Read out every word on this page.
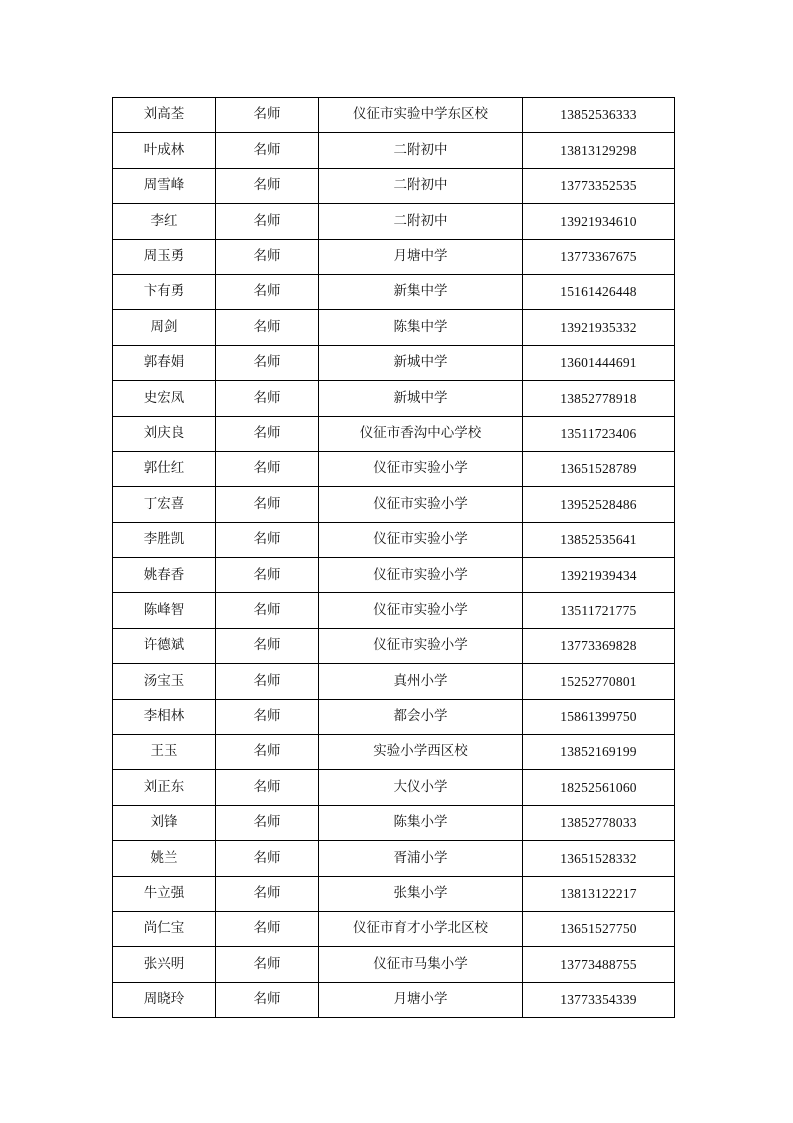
刘高荃	名师	仪征市实验中学东区校	13852536333
叶成林	名师	二附初中	13813129298
周雪峰	名师	二附初中	13773352535
李红	名师	二附初中	13921934610
周玉勇	名师	月塘中学	13773367675
卞有勇	名师	新集中学	15161426448
周剑	名师	陈集中学	13921935332
郭春娟	名师	新城中学	13601444691
史宏凤	名师	新城中学	13852778918
刘庆良	名师	仪征市香沟中心学校	13511723406
郭仕红	名师	仪征市实验小学	13651528789
丁宏喜	名师	仪征市实验小学	13952528486
李胜凯	名师	仪征市实验小学	13852535641
姚春香	名师	仪征市实验小学	13921939434
陈峰智	名师	仪征市实验小学	13511721775
许德斌	名师	仪征市实验小学	13773369828
汤宝玉	名师	真州小学	15252770801
李相林	名师	都会小学	15861399750
王玉	名师	实验小学西区校	13852169199
刘正东	名师	大仪小学	18252561060
刘锋	名师	陈集小学	13852778033
姚兰	名师	胥浦小学	13651528332
牛立强	名师	张集小学	13813122217
尚仁宝	名师	仪征市育才小学北区校	13651527750
张兴明	名师	仪征市马集小学	13773488755
周晓玲	名师	月塘小学	13773354339
